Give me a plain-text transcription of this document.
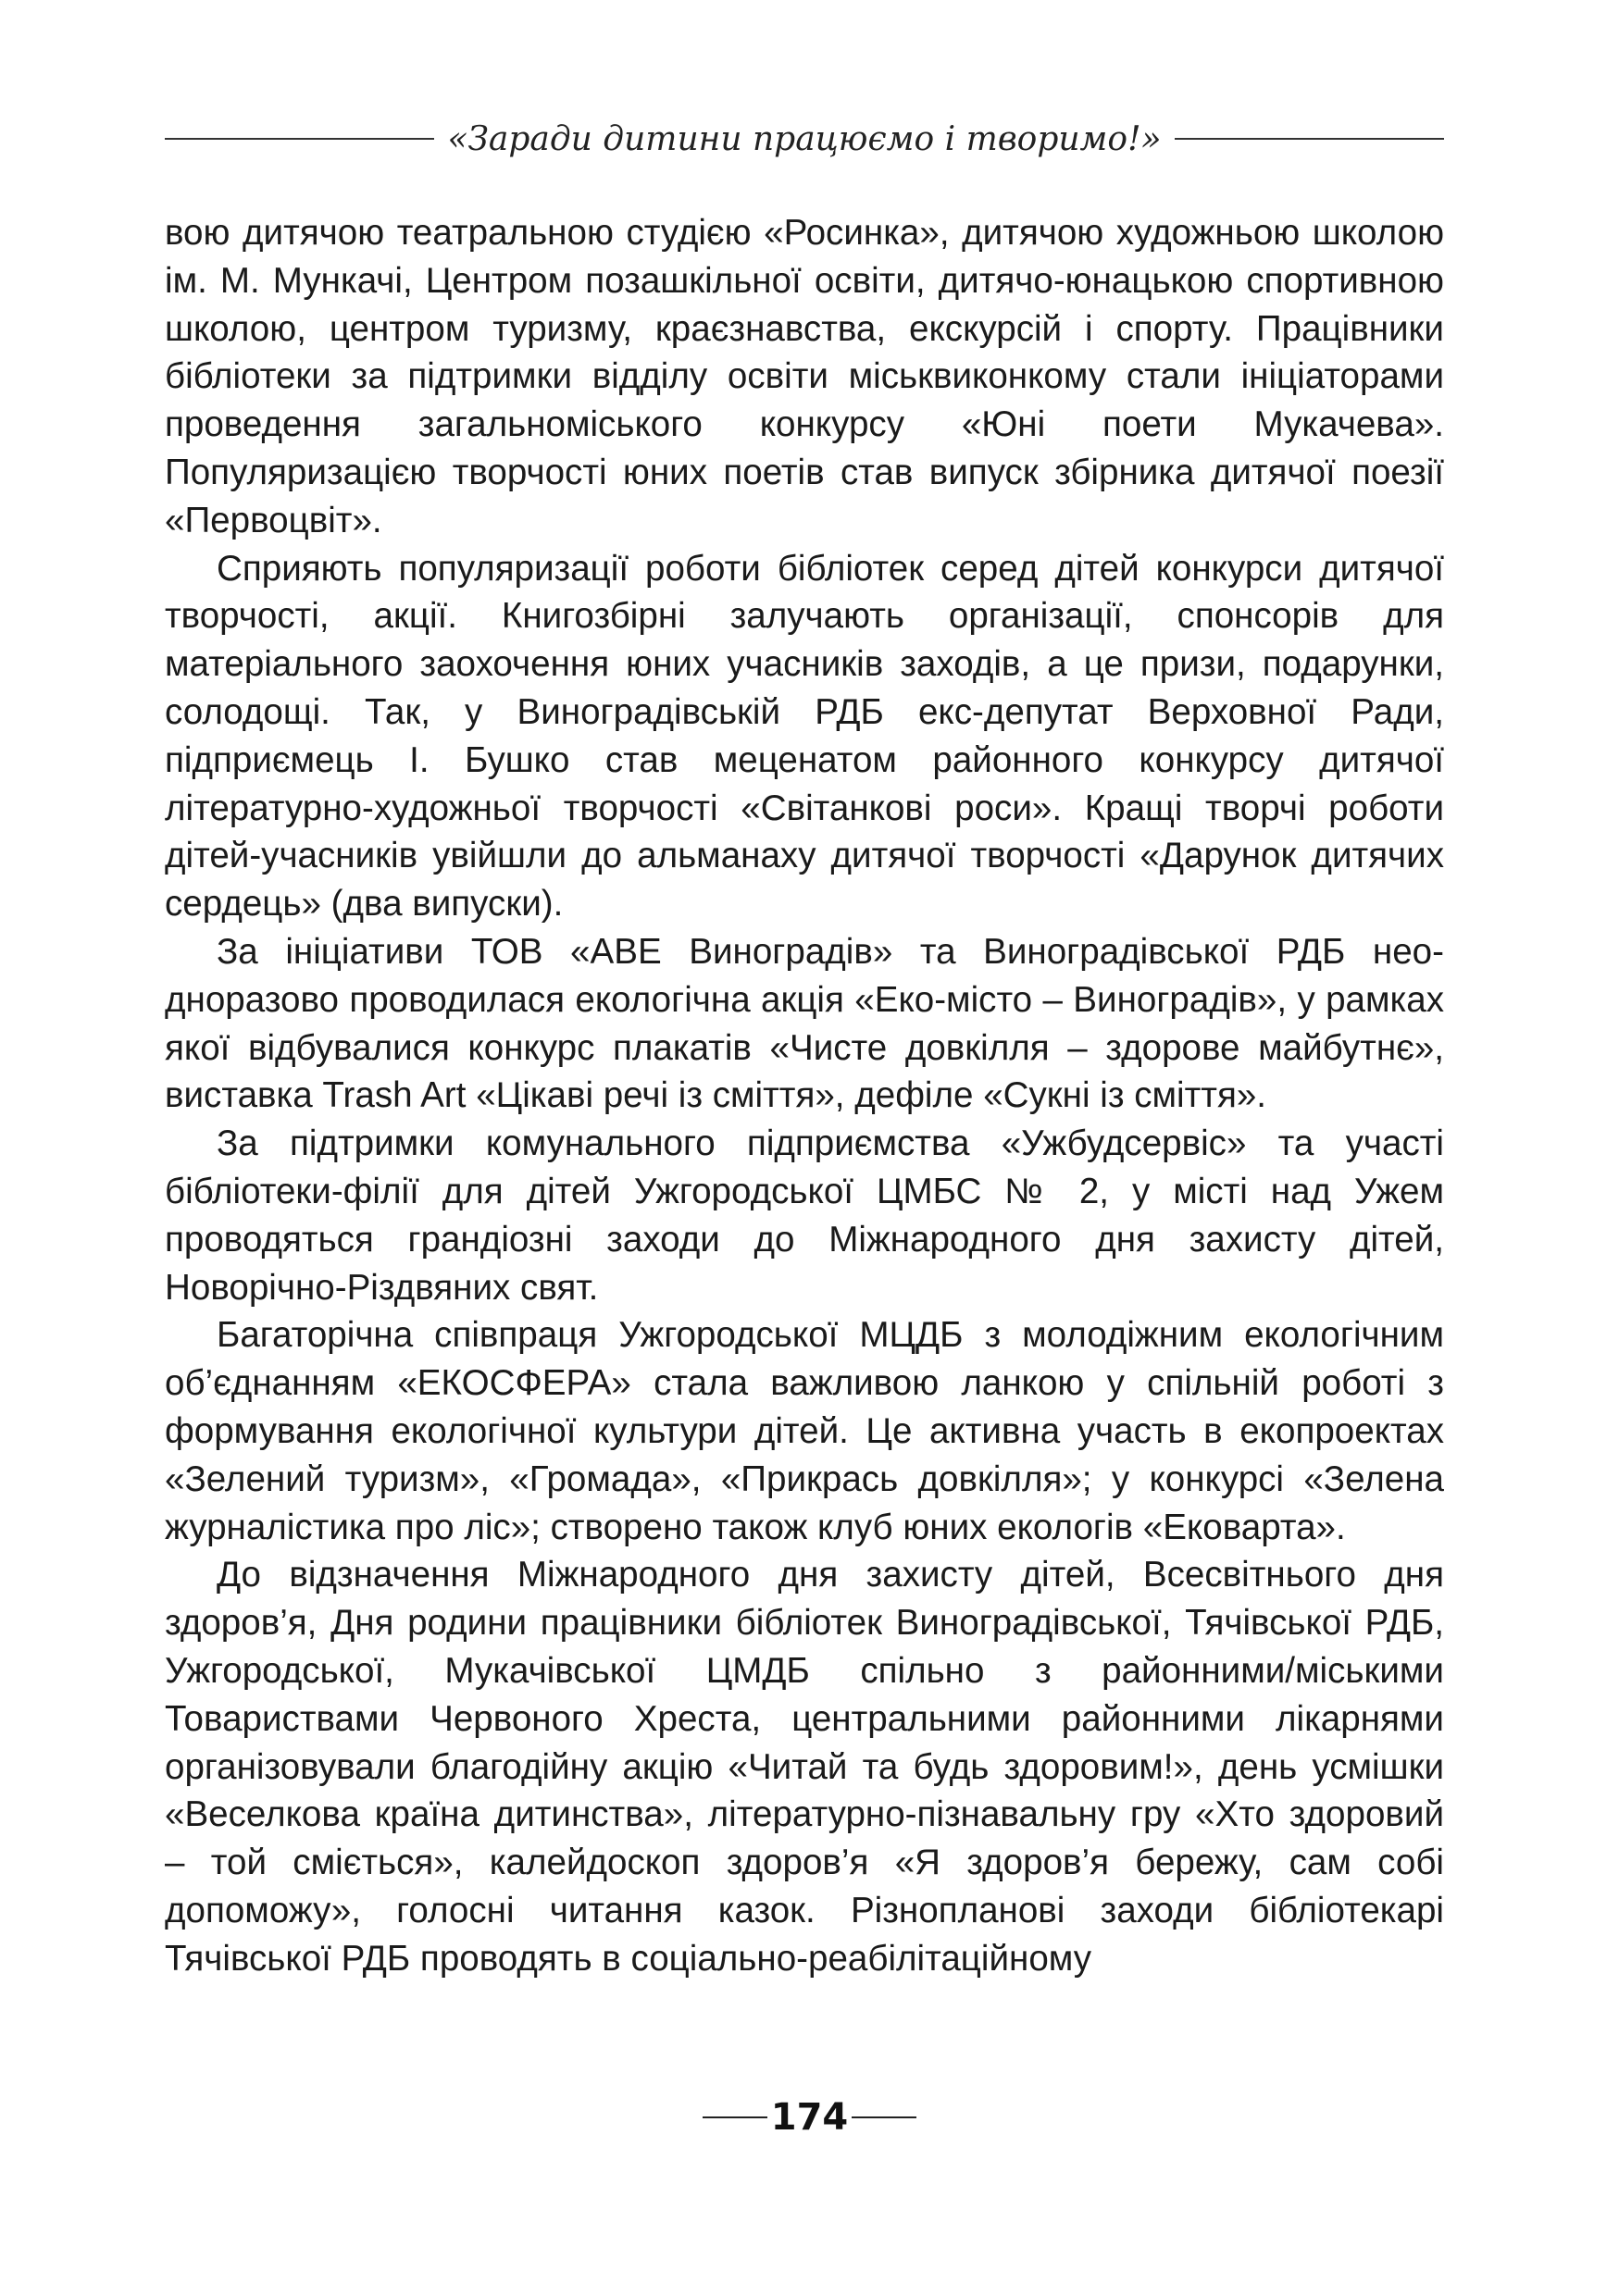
«Заради дитини працюємо і творимо!»

вою дитячою театральною студією «Росинка», дитячою художньою школою ім. М. Мункачі, Центром позашкільної освіти, дитячо-юнацькою спортивною школою, центром туризму, краєзнавства, екскурсій і спорту. Працівники бібліотеки за підтримки відділу освіти міськвиконкому стали ініціаторами проведення загальноміського конкурсу «Юні поети Мукачева». Популяризацією творчості юних поетів став випуск збірника дитячої поезії «Первоцвіт».

Сприяють популяризації роботи бібліотек серед дітей конкурси дитячої творчості, акції. Книгозбірні залучають організації, спонсорів для матеріального заохочення юних учасників заходів, а це призи, подарунки, солодощі. Так, у Виноградівській РДБ екс-депутат Верховної Ради, підприємець І. Бушко став меценатом районного конкурсу дитячої літературно-художньої творчості «Світанкові роси». Кращі творчі роботи дітей-учасників увійшли до альманаху дитячої творчості «Дарунок дитячих сердець» (два випуски).

За ініціативи ТОВ «АВЕ Виноградів» та Виноградівської РДБ неодноразово проводилася екологічна акція «Еко-місто – Виноградів», у рамках якої відбувалися конкурс плакатів «Чисте довкілля – здорове майбутнє», виставка Trash Art «Цікаві речі із сміття», дефіле «Сукні із сміття».

За підтримки комунального підприємства «Ужбудсервіс» та участі бібліотеки-філії для дітей Ужгородської ЦМБС № 2, у місті над Ужем проводяться грандіозні заходи до Міжнародного дня захисту дітей, Новорічно-Різдвяних свят.

Багаторічна співпраця Ужгородської МЦДБ з молодіжним екологічним об’єднанням «ЕКОСФЕРА» стала важливою ланкою у спільній роботі з формування екологічної культури дітей. Це активна участь в екопроектах «Зелений туризм», «Громада», «Прикрась довкілля»; у конкурсі «Зелена журналістика про ліс»; створено також клуб юних екологів «Ековарта».

До відзначення Міжнародного дня захисту дітей, Всесвітнього дня здоров’я, Дня родини працівники бібліотек Виноградівської, Тячівської РДБ, Ужгородської, Мукачівської ЦМДБ спільно з районними/міськими Товариствами Червоного Хреста, центральними районними лікарнями організовували благодійну акцію «Читай та будь здоровим!», день усмішки «Веселкова країна дитинства», літературно-пізнавальну гру «Хто здоровий – той сміється», калейдоскоп здоров’я «Я здоров’я бережу, сам собі допоможу», голосні читання казок. Різнопланові заходи бібліотекарі Тячівської РДБ проводять в соціально-реабілітаційному

174
